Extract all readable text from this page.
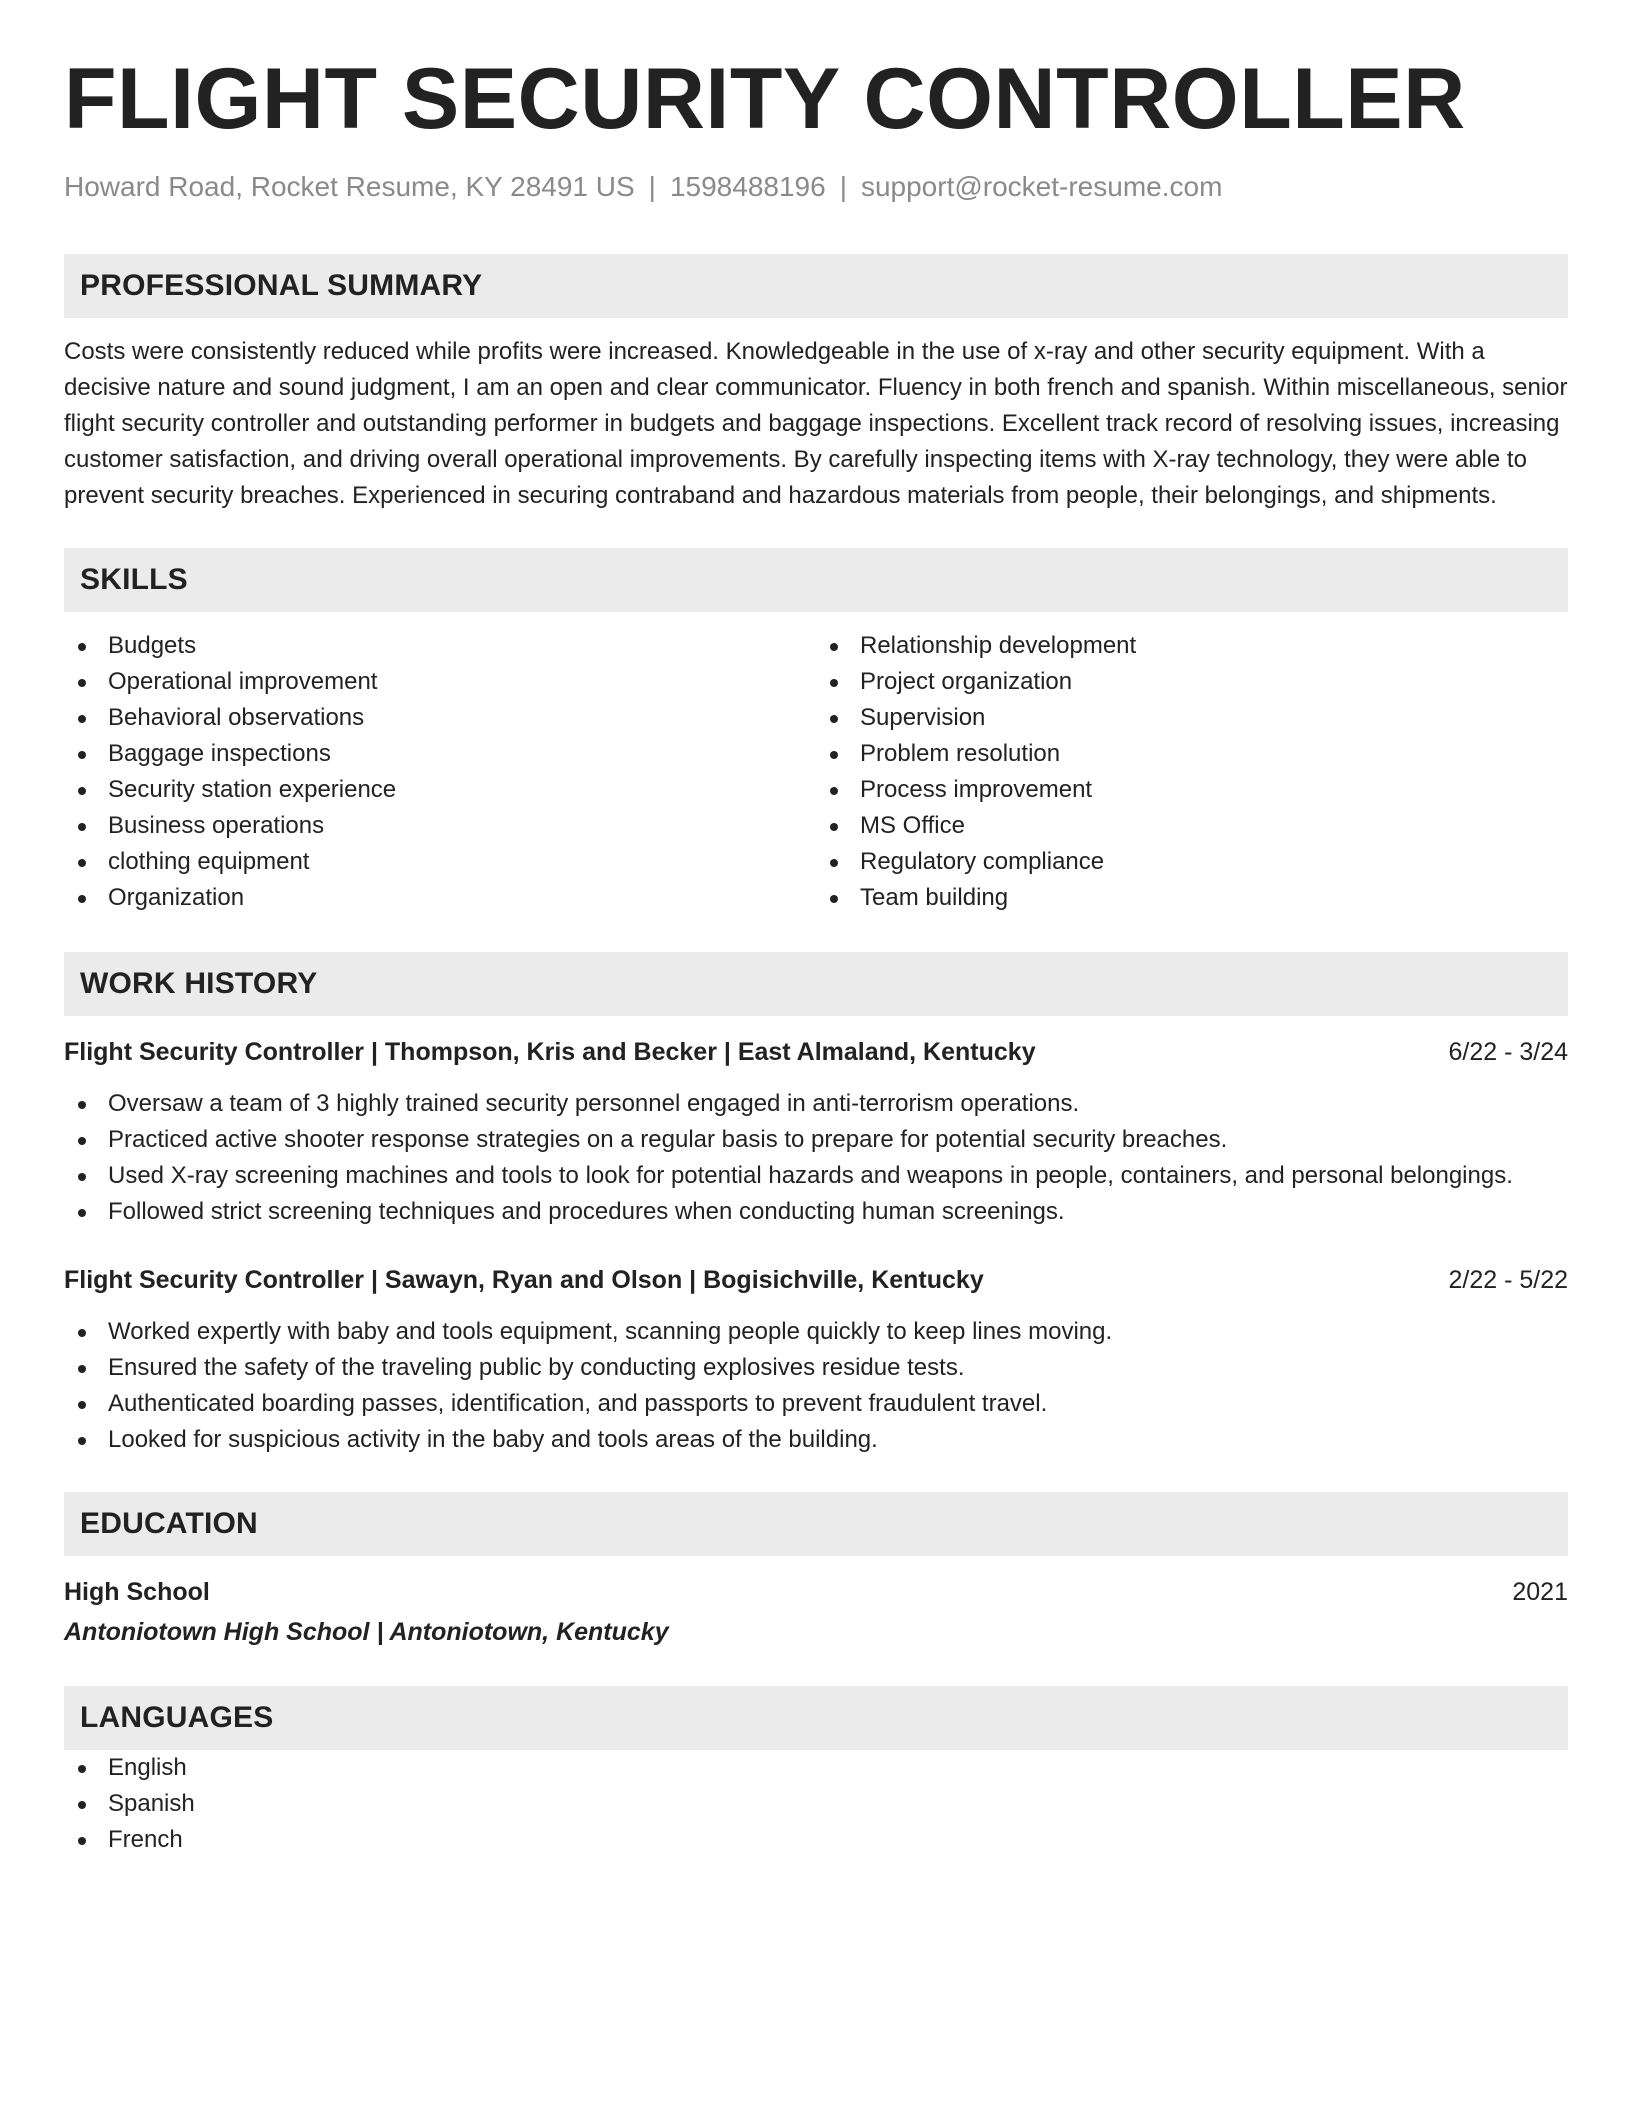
FLIGHT SECURITY CONTROLLER
Howard Road, Rocket Resume, KY 28491 US | 1598488196 | support@rocket-resume.com
PROFESSIONAL SUMMARY
Costs were consistently reduced while profits were increased. Knowledgeable in the use of x-ray and other security equipment. With a decisive nature and sound judgment, I am an open and clear communicator. Fluency in both french and spanish. Within miscellaneous, senior flight security controller and outstanding performer in budgets and baggage inspections. Excellent track record of resolving issues, increasing customer satisfaction, and driving overall operational improvements. By carefully inspecting items with X-ray technology, they were able to prevent security breaches. Experienced in securing contraband and hazardous materials from people, their belongings, and shipments.
SKILLS
Budgets
Operational improvement
Behavioral observations
Baggage inspections
Security station experience
Business operations
clothing equipment
Organization
Relationship development
Project organization
Supervision
Problem resolution
Process improvement
MS Office
Regulatory compliance
Team building
WORK HISTORY
Flight Security Controller | Thompson, Kris and Becker | East Almaland, Kentucky	6/22 - 3/24
Oversaw a team of 3 highly trained security personnel engaged in anti-terrorism operations.
Practiced active shooter response strategies on a regular basis to prepare for potential security breaches.
Used X-ray screening machines and tools to look for potential hazards and weapons in people, containers, and personal belongings.
Followed strict screening techniques and procedures when conducting human screenings.
Flight Security Controller | Sawayn, Ryan and Olson | Bogisichville, Kentucky	2/22 - 5/22
Worked expertly with baby and tools equipment, scanning people quickly to keep lines moving.
Ensured the safety of the traveling public by conducting explosives residue tests.
Authenticated boarding passes, identification, and passports to prevent fraudulent travel.
Looked for suspicious activity in the baby and tools areas of the building.
EDUCATION
High School	2021
Antoniotown High School | Antoniotown, Kentucky
LANGUAGES
English
Spanish
French
